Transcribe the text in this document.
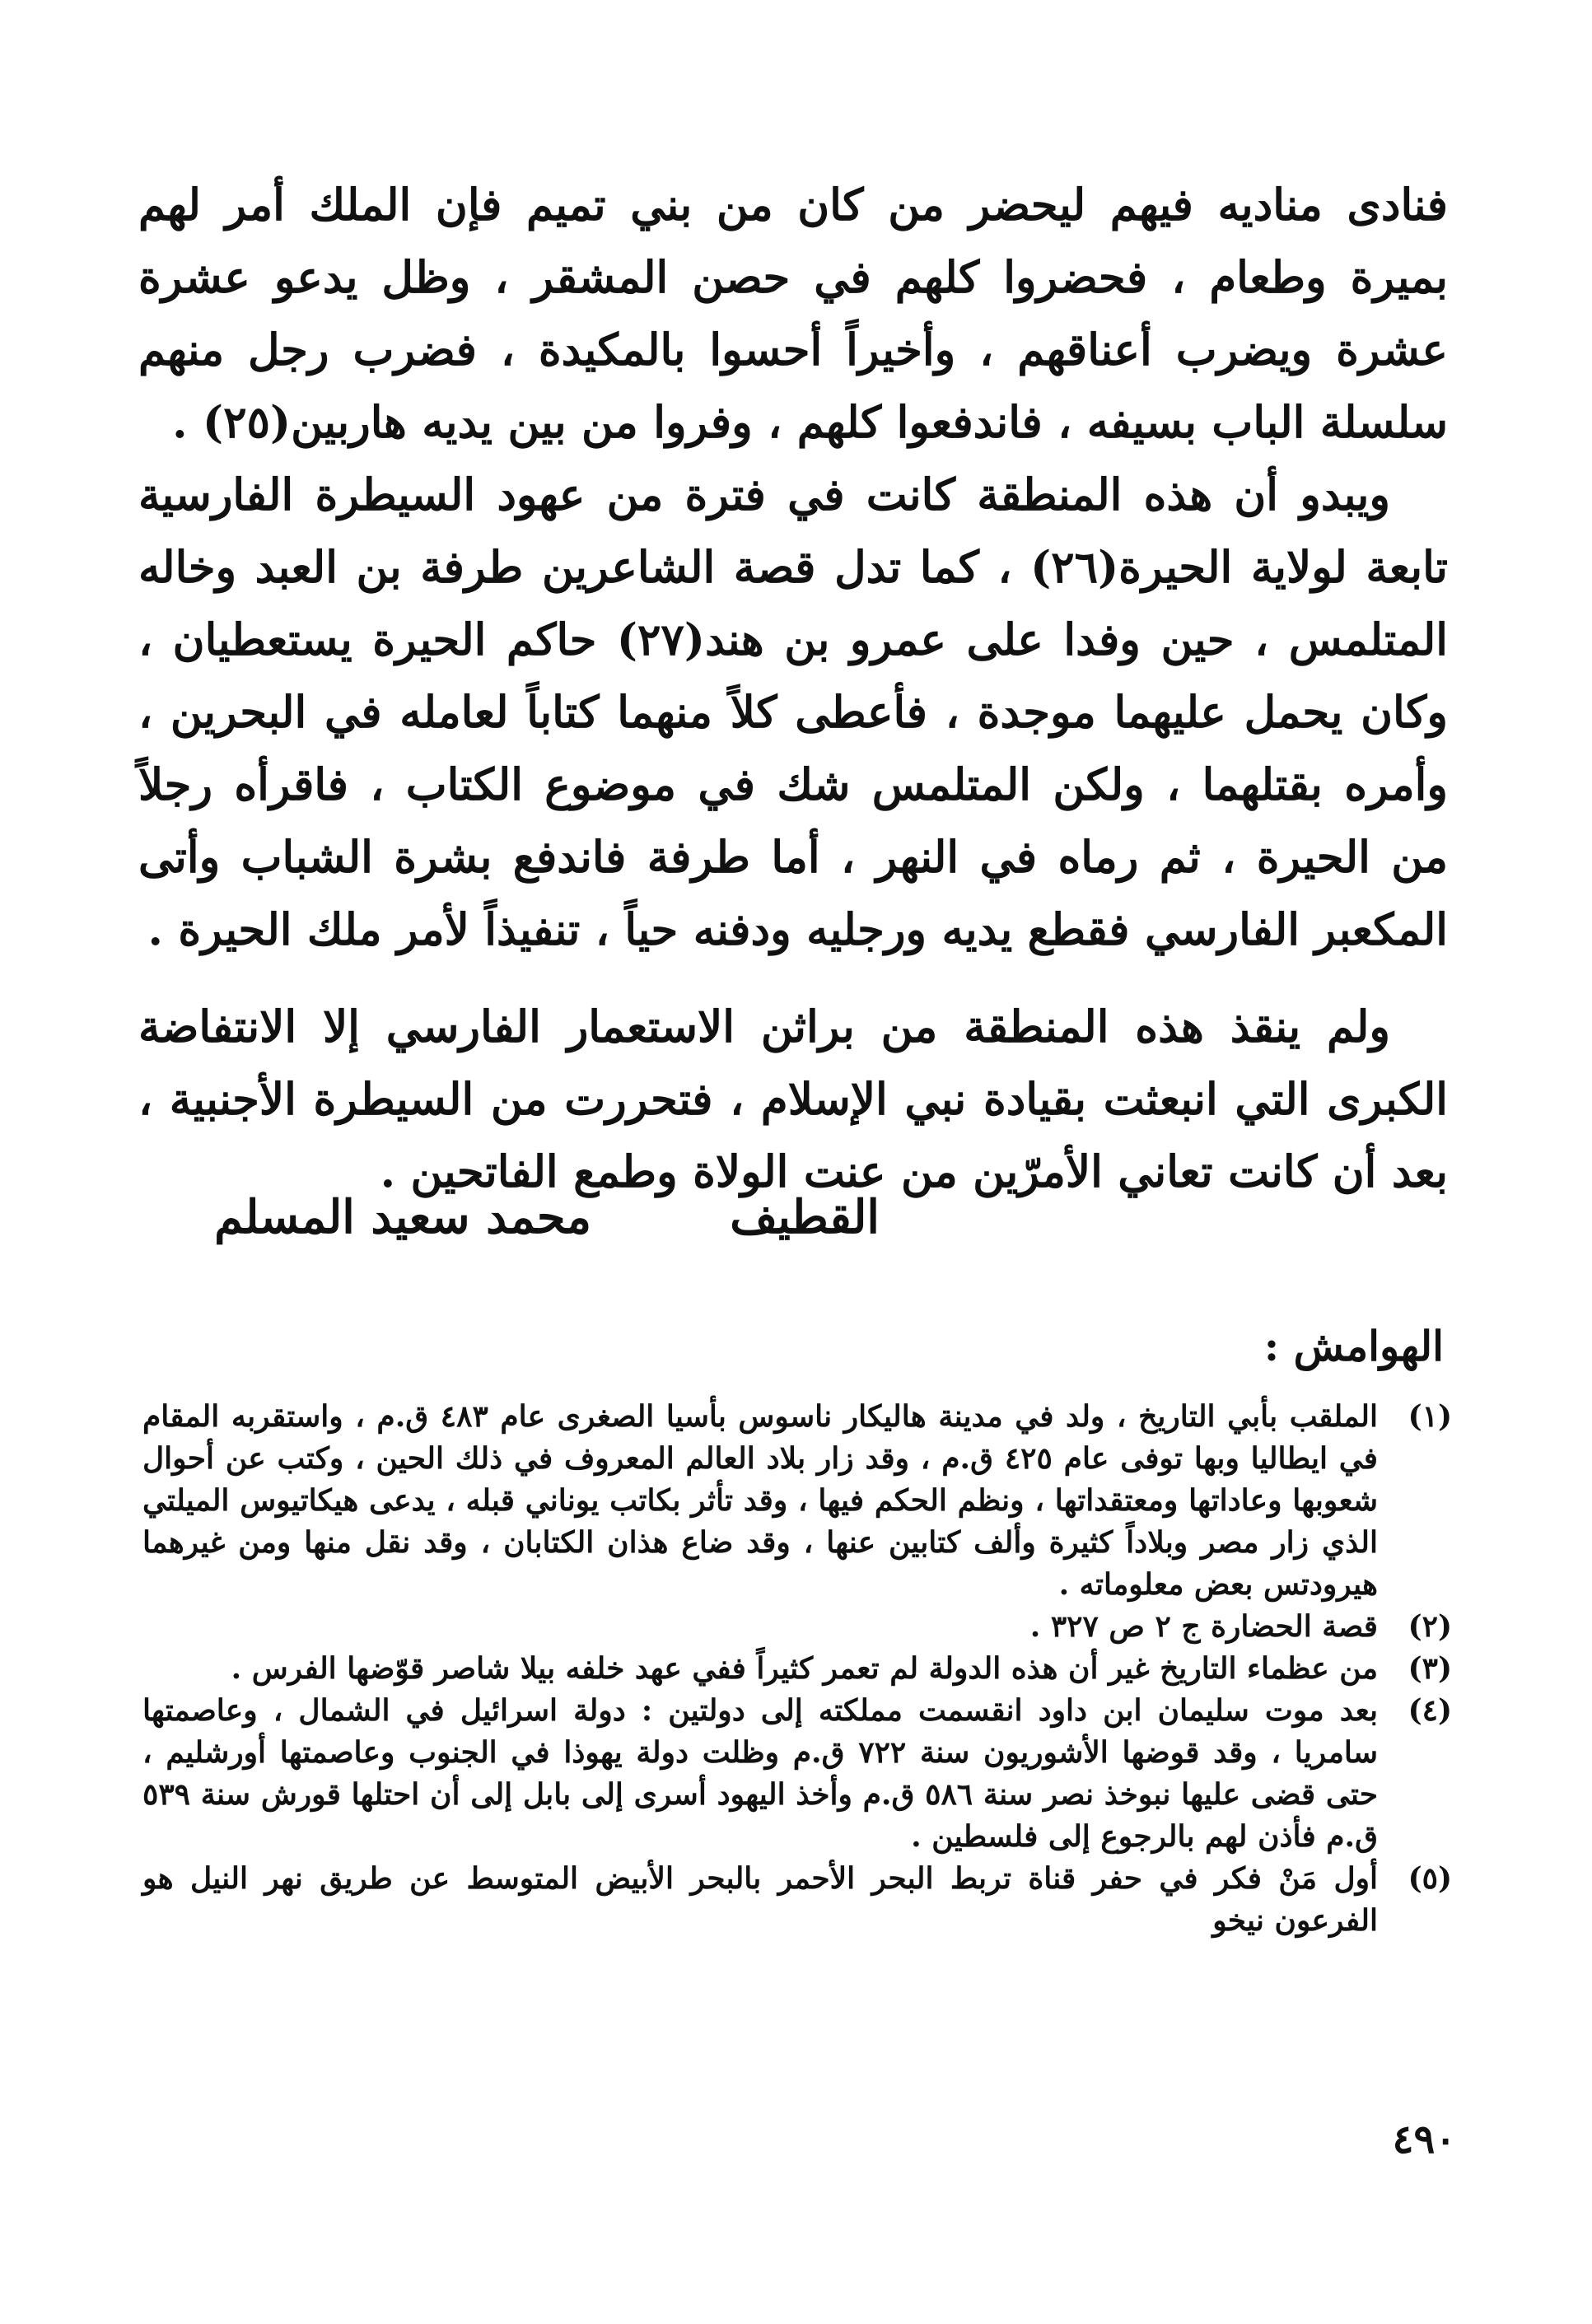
فنادى مناديه فيهم ليحضر من كان من بني تميم فإن الملك أمر لهم بميرة وطعام ، فحضروا كلهم في حصن المشقر ، وظل يدعو عشرة عشرة ويضرب أعناقهم ، وأخيراً أحسوا بالمكيدة ، فضرب رجل منهم سلسلة الباب بسيفه ، فاندفعوا كلهم ، وفروا من بين يديه هاربين(٢٥) .

ويبدو أن هذه المنطقة كانت في فترة من عهود السيطرة الفارسية تابعة لولاية الحيرة(٢٦) ، كما تدل قصة الشاعرين طرفة بن العبد وخاله المتلمس ، حين وفدا على عمرو بن هند(٢٧) حاكم الحيرة يستعطيان ، وكان يحمل عليهما موجدة ، فأعطى كلاً منهما كتاباً لعامله في البحرين ، وأمره بقتلهما ، ولكن المتلمس شك في موضوع الكتاب ، فاقرأه رجلاً من الحيرة ، ثم رماه في النهر ، أما طرفة فاندفع بشرة الشباب وأتى المكعبر الفارسي فقطع يديه ورجليه ودفنه حياً ، تنفيذاً لأمر ملك الحيرة .

ولم ينقذ هذه المنطقة من براثن الاستعمار الفارسي إلا الانتفاضة الكبرى التي انبعثت بقيادة نبي الإسلام ، فتحررت من السيطرة الأجنبية ، بعد أن كانت تعاني الأمرّين من عنت الولاة وطمع الفاتحين .

القطيف
محمد سعيد المسلم
الهوامش :
(١)
الملقب بأبي التاريخ ، ولد في مدينة هاليكار ناسوس بأسيا الصغرى عام ٤٨٣ ق.م ، واستقربه المقام في ايطاليا وبها توفى عام ٤٢٥ ق.م ، وقد زار بلاد العالم المعروف في ذلك الحين ، وكتب عن أحوال شعوبها وعاداتها ومعتقداتها ، ونظم الحكم فيها ، وقد تأثر بكاتب يوناني قبله ، يدعى هيكاتيوس الميلتي الذي زار مصر وبلاداً كثيرة وألف كتابين عنها ، وقد ضاع هذان الكتابان ، وقد نقل منها ومن غيرهما هيرودتس بعض معلوماته .
(٢)
قصة الحضارة ج ٢ ص ٣٢٧ .
(٣)
من عظماء التاريخ غير أن هذه الدولة لم تعمر كثيراً ففي عهد خلفه بيلا شاصر قوّضها الفرس .
(٤)
بعد موت سليمان ابن داود انقسمت مملكته إلى دولتين : دولة اسرائيل في الشمال ، وعاصمتها سامريا ، وقد قوضها الأشوريون سنة ٧٢٢ ق.م وظلت دولة يهوذا في الجنوب وعاصمتها أورشليم ، حتى قضى عليها نبوخذ نصر سنة ٥٨٦ ق.م وأخذ اليهود أسرى إلى بابل إلى أن احتلها قورش سنة ٥٣٩ ق.م فأذن لهم بالرجوع إلى فلسطين .
(٥)
أول مَنْ فكر في حفر قناة تربط البحر الأحمر بالبحر الأبيض المتوسط عن طريق نهر النيل هو الفرعون نيخو
٤٩٠
